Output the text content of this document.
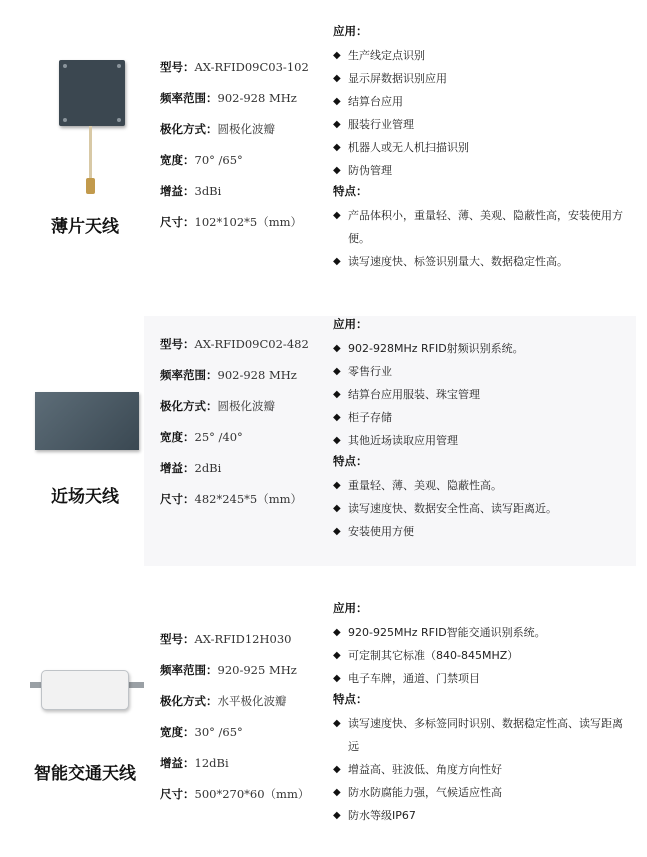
薄片天线
型号：AX-RFID09C03-102
频率范围：902-928 MHz
极化方式：圆极化波瓣
宽度：70° /65°
增益：3dBi
尺寸：102*102*5（mm）
应用：
◆ 生产线定点识别
◆ 显示屏数据识别应用
◆ 结算台应用
◆ 服装行业管理
◆ 机器人或无人机扫描识别
◆ 防伪管理
特点：
◆ 产品体积小，重量轻、薄、美观、隐蔽性高，安装使用方便。
◆ 读写速度快、标签识别量大、数据稳定性高。
近场天线
型号：AX-RFID09C02-482
频率范围：902-928 MHz
极化方式：圆极化波瓣
宽度：25° /40°
增益：2dBi
尺寸：482*245*5（mm）
应用：
◆ 902-928MHz RFID射频识别系统。
◆ 零售行业
◆ 结算台应用服装、珠宝管理
◆ 柜子存储
◆ 其他近场读取应用管理
特点：
◆ 重量轻、薄、美观、隐蔽性高。
◆ 读写速度快、数据安全性高、读写距离近。
◆ 安装使用方便
智能交通天线
型号：AX-RFID12H030
频率范围：920-925 MHz
极化方式：水平极化波瓣
宽度：30° /65°
增益：12dBi
尺寸：500*270*60（mm）
应用：
◆ 920-925MHz RFID智能交通识别系统。
◆ 可定制其它标准（840-845MHZ）
◆ 电子车牌，通道、门禁项目
特点：
◆ 读写速度快、多标签同时识别、数据稳定性高、读写距离远
◆ 增益高、驻波低、角度方向性好
◆ 防水防腐能力强，气候适应性高
◆ 防水等级IP67
